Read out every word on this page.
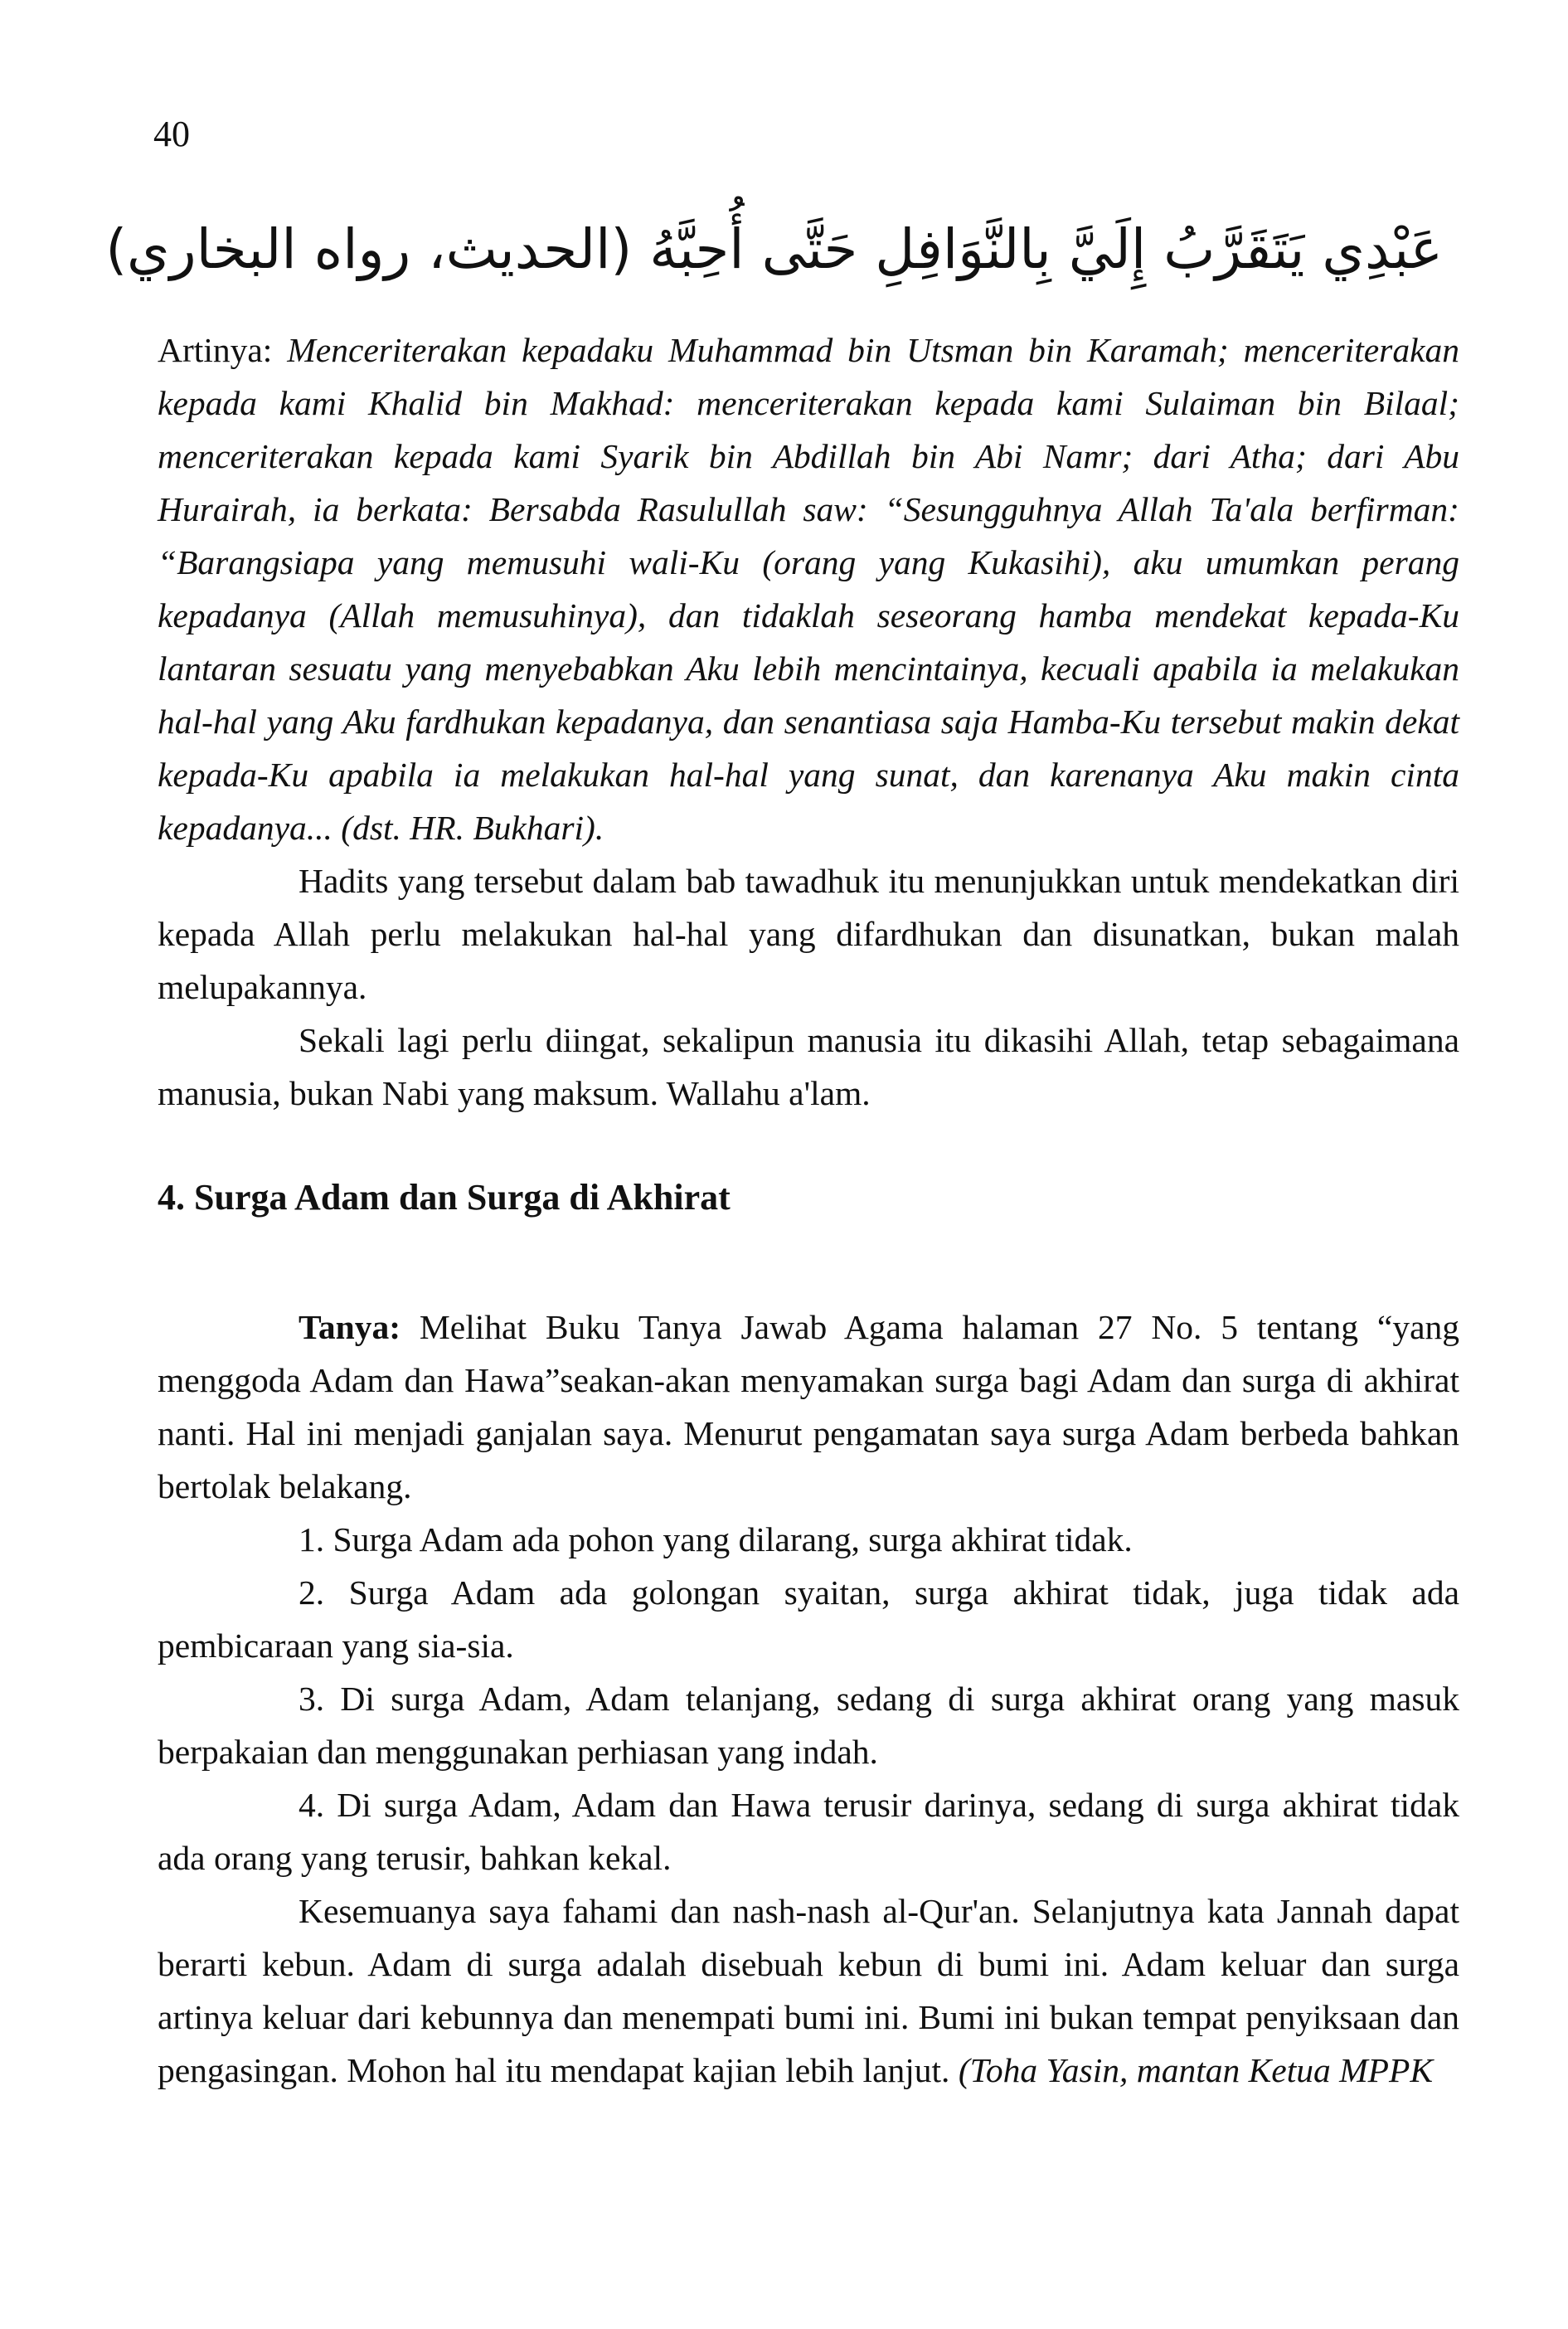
40
عَبْدِي يَتَقَرَّبُ إِلَيَّ بِالنَّوَافِلِ حَتَّى أُحِبَّهُ (الحديث، رواه البخاري)

Artinya: Menceriterakan kepadaku Muhammad bin Utsman bin Karamah; menceriterakan kepada kami Khalid bin Makhad: menceriterakan kepada kami Sulaiman bin Bilaal; menceriterakan kepada kami Syarik bin Abdillah bin Abi Namr; dari Atha; dari Abu Hurairah, ia berkata: Bersabda Rasulullah saw: “Sesungguhnya Allah Ta'ala berfirman: “Barangsiapa yang memusuhi wali-Ku (orang yang Kukasihi), aku umumkan perang kepadanya (Allah memusuhinya), dan tidaklah seseorang hamba mendekat kepada-Ku lantaran sesuatu yang menyebabkan Aku lebih mencintainya, kecuali apabila ia melakukan hal-hal yang Aku fardhukan kepadanya, dan senantiasa saja Hamba-Ku tersebut makin dekat kepada-Ku apabila ia melakukan hal-hal yang sunat, dan karenanya Aku makin cinta kepadanya... (dst. HR. Bukhari).

Hadits yang tersebut dalam bab tawadhuk itu menunjukkan untuk mendekatkan diri kepada Allah perlu melakukan hal-hal yang difardhukan dan disunatkan, bukan malah melupakannya.

Sekali lagi perlu diingat, sekalipun manusia itu dikasihi Allah, tetap sebagaimana manusia, bukan Nabi yang maksum. Wallahu a'lam.

4. Surga Adam dan Surga di Akhirat

Tanya: Melihat Buku Tanya Jawab Agama halaman 27 No. 5 tentang “yang menggoda Adam dan Hawa”seakan-akan menyamakan surga bagi Adam dan surga di akhirat nanti. Hal ini menjadi ganjalan saya. Menurut pengamatan saya surga Adam berbeda bahkan bertolak belakang.

1. Surga Adam ada pohon yang dilarang, surga akhirat tidak.

2. Surga Adam ada golongan syaitan, surga akhirat tidak, juga tidak ada pembicaraan yang sia-sia.

3. Di surga Adam, Adam telanjang, sedang di surga akhirat orang yang masuk berpakaian dan menggunakan perhiasan yang indah.

4. Di surga Adam, Adam dan Hawa terusir darinya, sedang di surga akhirat tidak ada orang yang terusir, bahkan kekal.

Kesemuanya saya fahami dan nash-nash al-Qur'an. Selanjutnya kata Jannah dapat berarti kebun. Adam di surga adalah disebuah kebun di bumi ini. Adam keluar dan surga artinya keluar dari kebunnya dan menempati bumi ini. Bumi ini bukan tempat penyiksaan dan pengasingan. Mohon hal itu mendapat kajian lebih lanjut. (Toha Yasin, mantan Ketua MPPK
